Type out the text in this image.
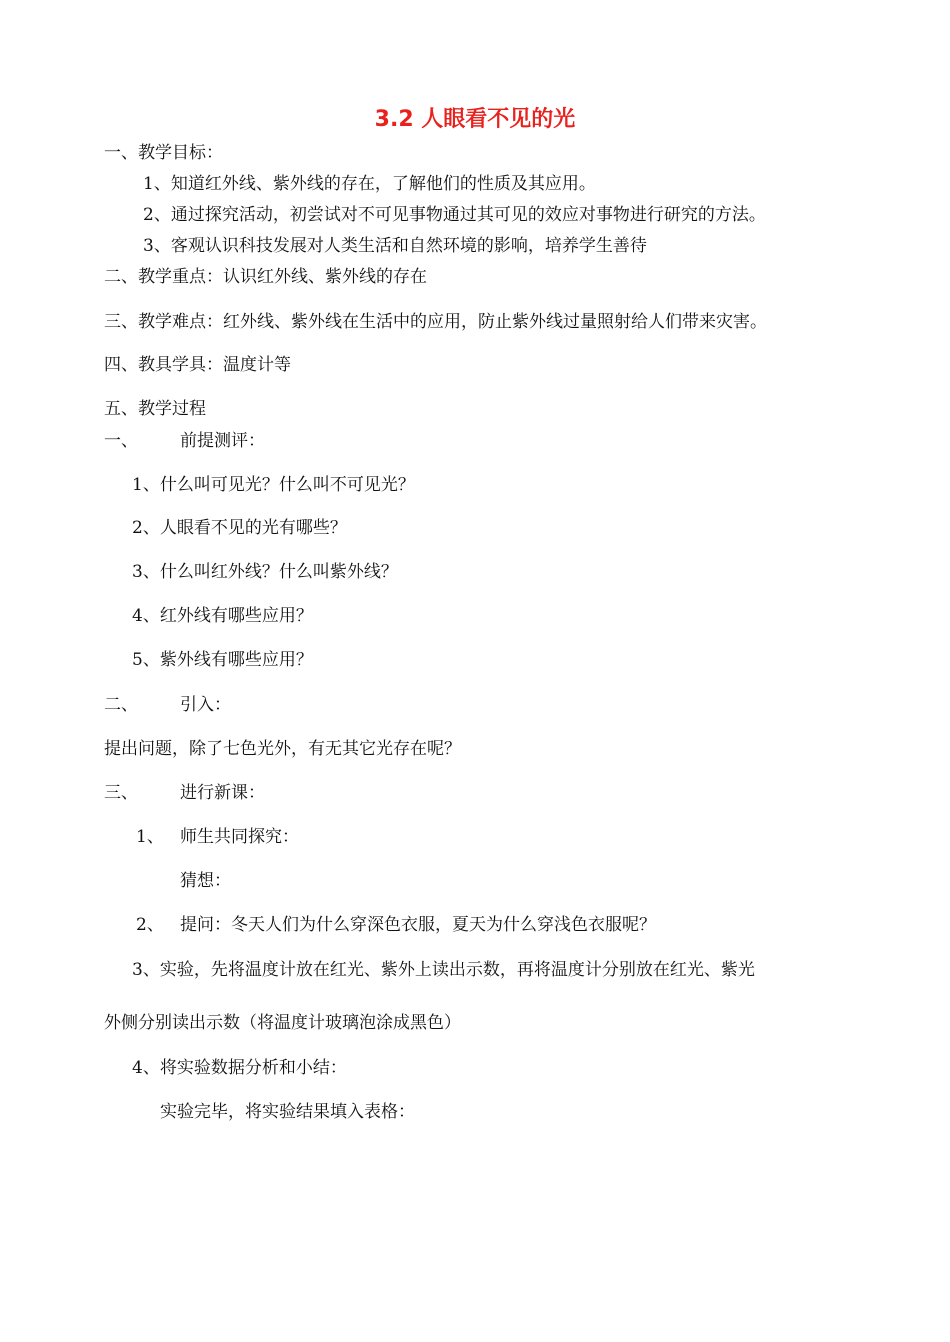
3.2 人眼看不见的光
一、教学目标：
1、知道红外线、紫外线的存在，了解他们的性质及其应用。
2、通过探究活动，初尝试对不可见事物通过其可见的效应对事物进行研究的方法。
3、客观认识科技发展对人类生活和自然环境的影响，培养学生善待
二、教学重点：认识红外线、紫外线的存在
三、教学难点：红外线、紫外线在生活中的应用，防止紫外线过量照射给人们带来灾害。
四、教具学具：温度计等
五、教学过程
一、 前提测评：
1、什么叫可见光？什么叫不可见光？
2、人眼看不见的光有哪些？
3、什么叫红外线？什么叫紫外线？
4、红外线有哪些应用？
5、紫外线有哪些应用？
二、 引入：
提出问题，除了七色光外，有无其它光存在呢？
三、 进行新课：
1、 师生共同探究：
猜想：
2、 提问：冬天人们为什么穿深色衣服，夏天为什么穿浅色衣服呢？
3、实验，先将温度计放在红光、紫外上读出示数，再将温度计分别放在红光、紫光
外侧分别读出示数（将温度计玻璃泡涂成黑色）
4、将实验数据分析和小结：
实验完毕，将实验结果填入表格：
